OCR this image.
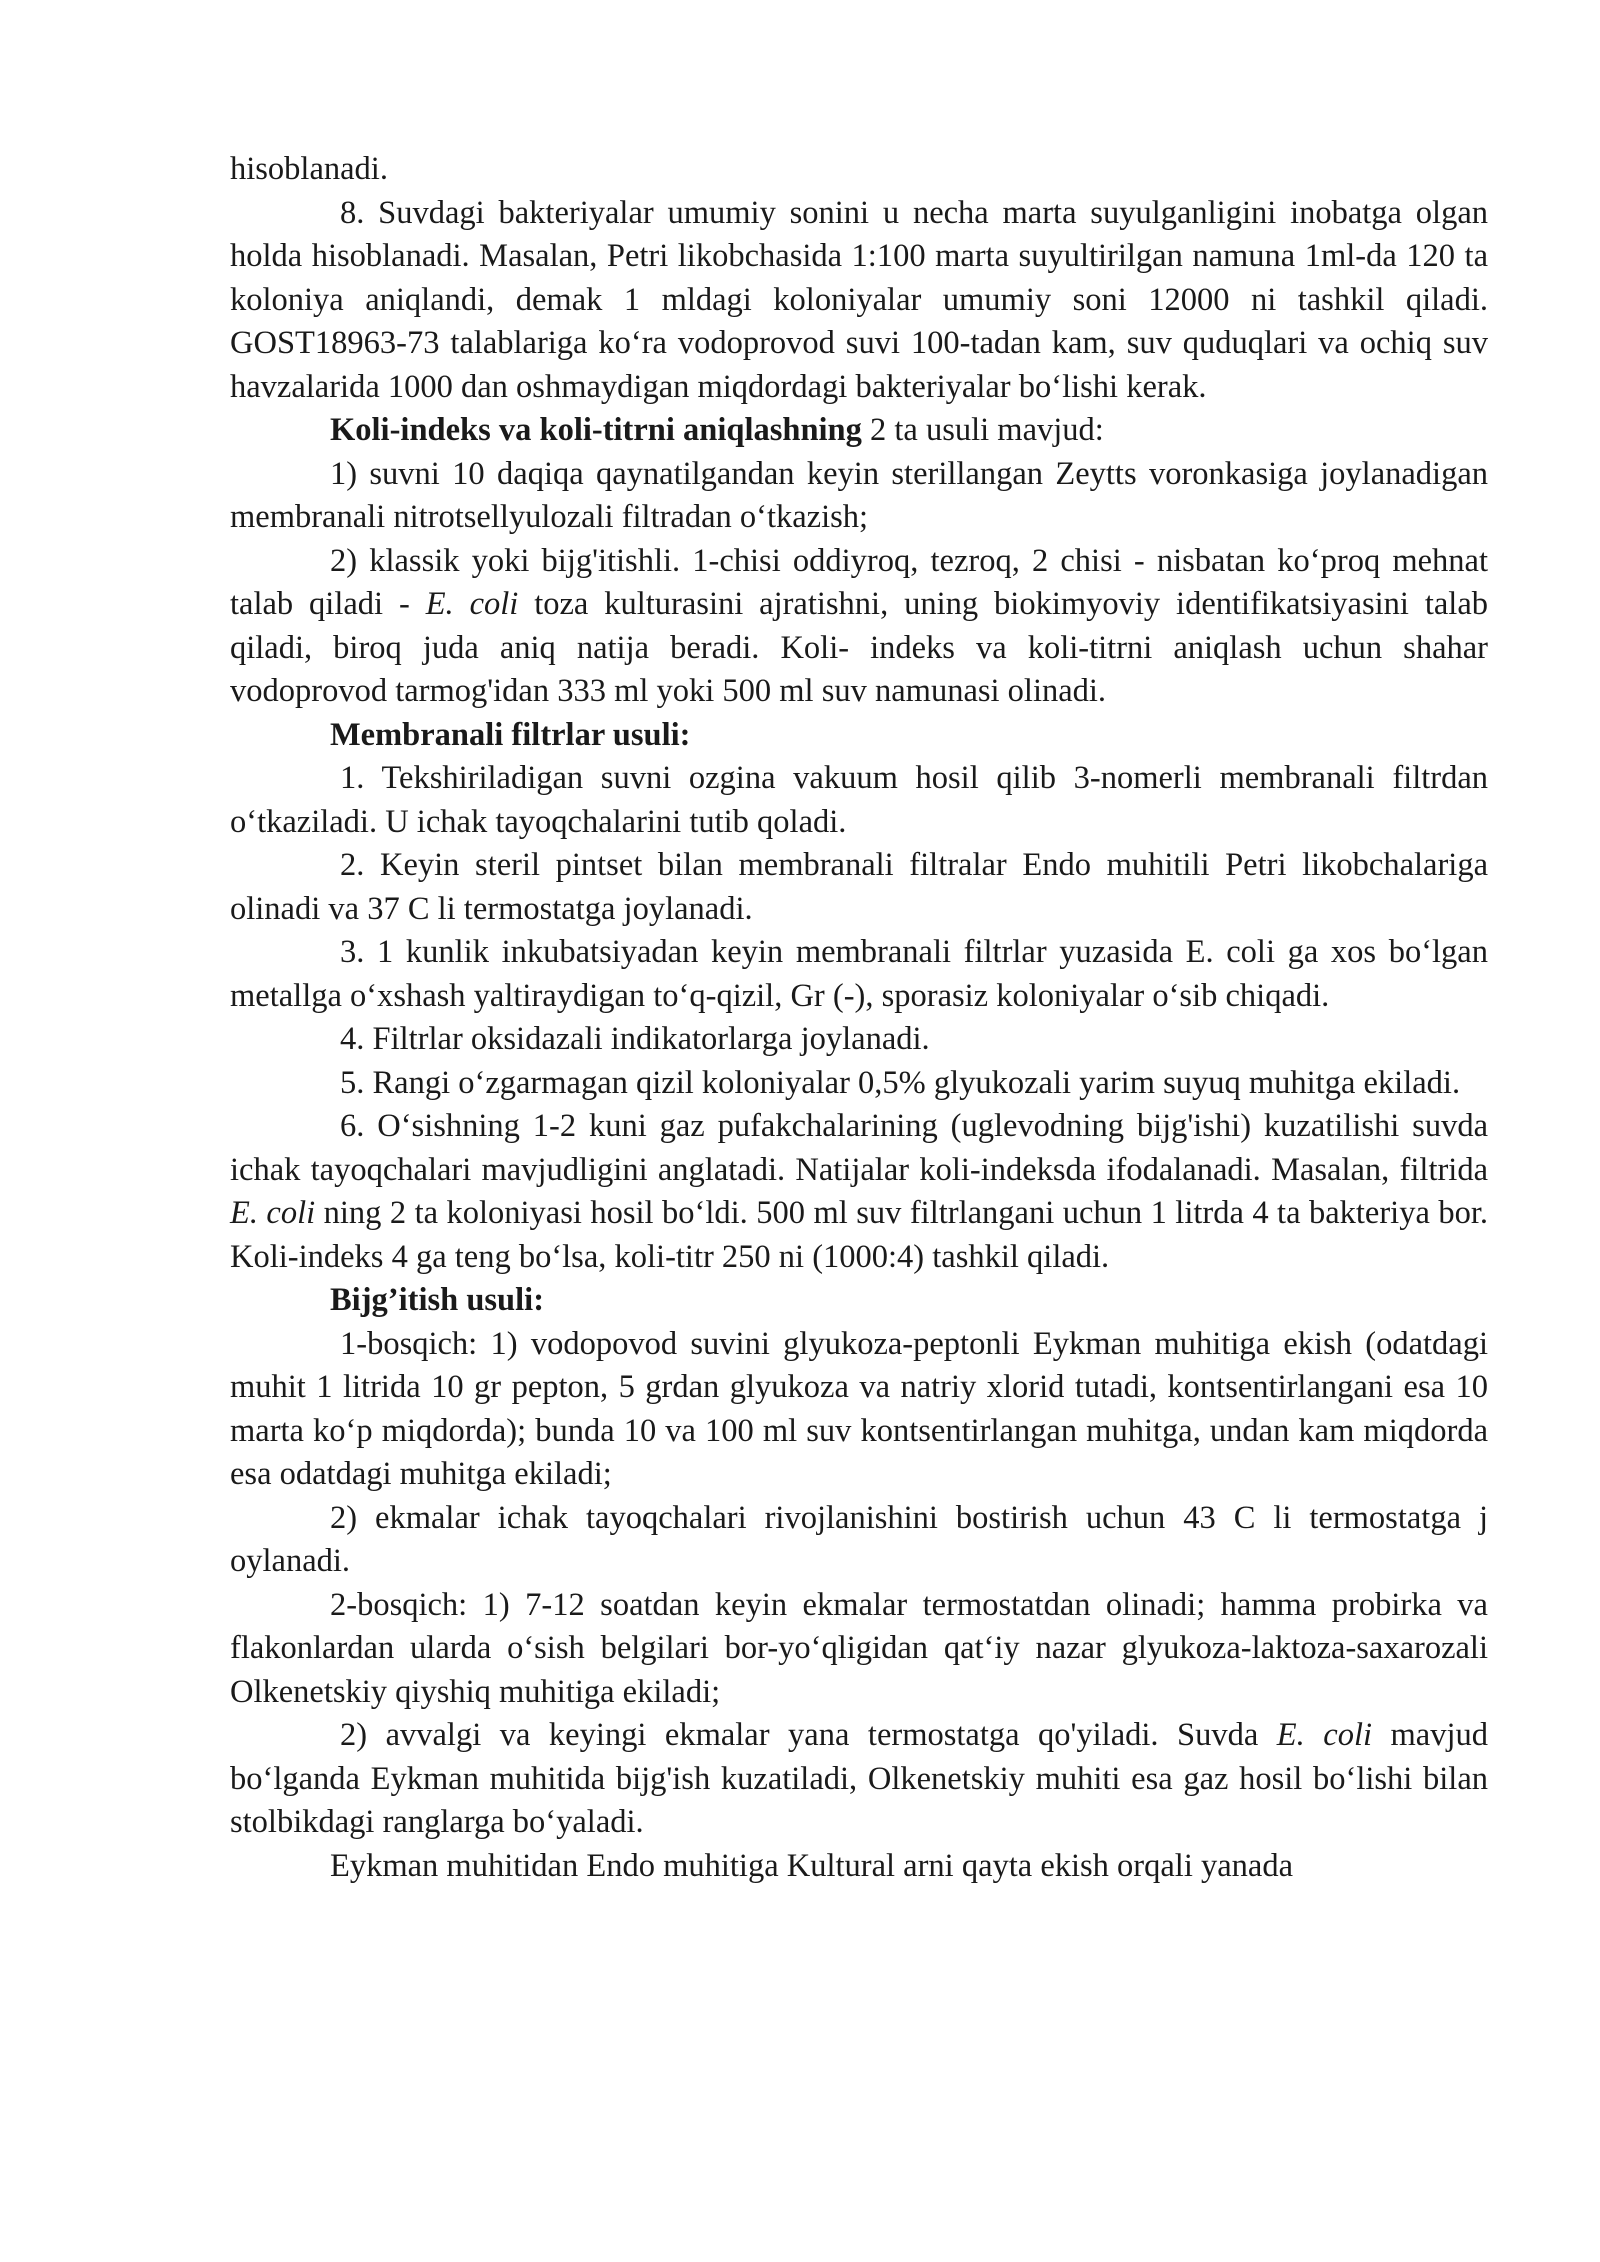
hisoblanadi.

8. Suvdagi bakteriyalar umumiy sonini u necha marta suyulganligini inobatga olgan holda hisoblanadi. Masalan, Petri likobchasida 1:100 marta suyultirilgan namuna 1ml-da 120 ta koloniya aniqlandi, demak 1 mldagi koloniyalar umumiy soni 12000 ni tashkil qiladi. GOST18963-73 talablariga ko‘ra vodoprovod suvi 100-tadan kam, suv quduqlari va ochiq suv havzalarida 1000 dan oshmaydigan miqdordagi bakteriyalar bo‘lishi kerak.

Koli-indeks va koli-titrni aniqlashning 2 ta usuli mavjud:

1) suvni 10 daqiqa qaynatilgandan keyin sterillangan Zeytts voronkasiga joylanadigan membranali nitrotsellyulozali filtradan o‘tkazish;

2) klassik yoki bijg'itishli. 1-chisi oddiyroq, tezroq, 2 chisi - nisbatan ko‘proq mehnat talab qiladi - E. coli toza kulturasini ajratishni, uning biokimyoviy identifikatsiyasini talab qiladi, biroq juda aniq natija beradi. Koli- indeks va koli-titrni aniqlash uchun shahar vodoprovod tarmog'idan 333 ml yoki 500 ml suv namunasi olinadi.

Membranali filtrlar usuli:

1. Tekshiriladigan suvni ozgina vakuum hosil qilib 3-nomerli membranali filtrdan o‘tkaziladi. U ichak tayoqchalarini tutib qoladi.

2. Keyin steril pintset bilan membranali filtralar Endo muhitili Petri likobchalariga olinadi va 37 C li termostatga joylanadi.

3. 1 kunlik inkubatsiyadan keyin membranali filtrlar yuzasida E. coli ga xos bo‘lgan metallga o‘xshash yaltiraydigan to‘q-qizil, Gr (-), sporasiz koloniyalar o‘sib chiqadi.

4. Filtrlar oksidazali indikatorlarga joylanadi.

5. Rangi o‘zgarmagan qizil koloniyalar 0,5% glyukozali yarim suyuq muhitga ekiladi.

6. O‘sishning 1-2 kuni gaz pufakchalarining (uglevodning bijg'ishi) kuzatilishi suvda ichak tayoqchalari mavjudligini anglatadi. Natijalar koli-indeksda ifodalanadi. Masalan, filtrida E. coli ning 2 ta koloniyasi hosil bo‘ldi. 500 ml suv filtrlangani uchun 1 litrda 4 ta bakteriya bor. Koli-indeks 4 ga teng bo‘lsa, koli-titr 250 ni (1000:4) tashkil qiladi.

Bijg’itish usuli:

1-bosqich: 1) vodopovod suvini glyukoza-peptonli Eykman muhitiga ekish (odatdagi muhit 1 litrida 10 gr pepton, 5 grdan glyukoza va natriy xlorid tutadi, kontsentirlangani esa 10 marta ko‘p miqdorda); bunda 10 va 100 ml suv kontsentirlangan muhitga, undan kam miqdorda esa odatdagi muhitga ekiladi;

2) ekmalar ichak tayoqchalari rivojlanishini bostirish uchun 43 C li termostatga j oylanadi.

2-bosqich: 1) 7-12 soatdan keyin ekmalar termostatdan olinadi; hamma probirka va flakonlardan ularda o‘sish belgilari bor-yo‘qligidan qat‘iy nazar glyukoza-laktoza-saxarozali Olkenetskiy qiyshiq muhitiga ekiladi;

2) avvalgi va keyingi ekmalar yana termostatga qo'yiladi. Suvda E. coli mavjud bo‘lganda Eykman muhitida bijg'ish kuzatiladi, Olkenetskiy muhiti esa gaz hosil bo‘lishi bilan stolbikdagi ranglarga bo‘yaladi.

Eykman muhitidan Endo muhitiga Kultural arni qayta ekish orqali yanada
